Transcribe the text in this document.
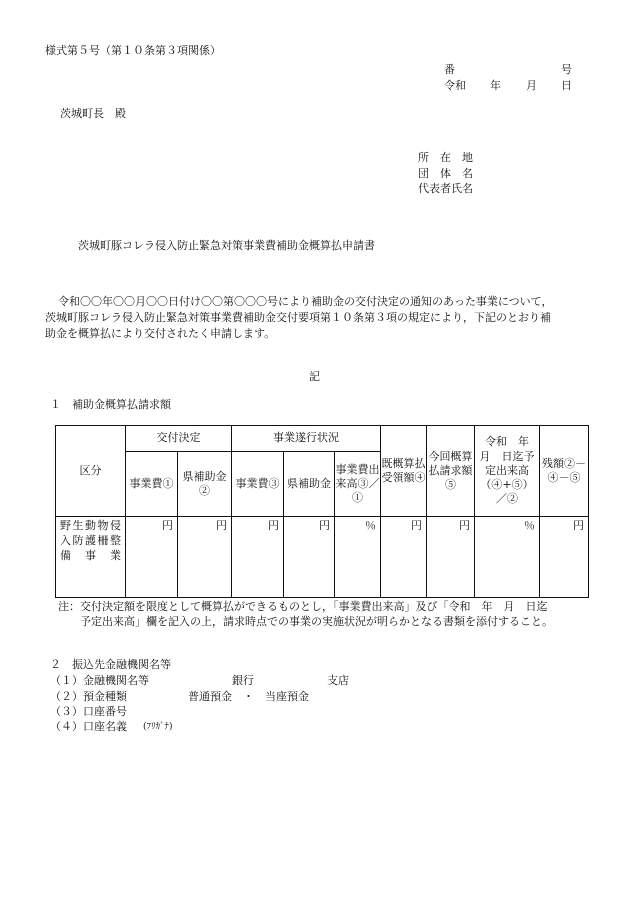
様式第５号（第１０条第３項関係）
番	号
令和 年 月 日
茨城町長　殿
所　在　地
団　体　名
代表者氏名
茨城町豚コレラ侵入防止緊急対策事業費補助金概算払申請書
令和〇〇年〇〇月〇〇日付け〇〇第〇〇〇号により補助金の交付決定の通知のあった事業について，
茨城町豚コレラ侵入防止緊急対策事業費補助金交付要項第１０条第３項の規定により，下記のとおり補
助金を概算払により交付されたく申請します。
記
１　補助金概算払請求額
区分	交付決定		事業遂行状況			既概算払受領額④	今回概算払請求額⑤	令和　年　月　日迄予定出来高（④+⑤）／②	残額②－④－⑤
	事業費①	県補助金②	事業費③	県補助金	事業費出来高③／①				
野生動物侵入防護柵整備事業	円	円	円	円	％	円	円	％	円
注：交付決定額を限度として概算払ができるものとし，「事業費出来高」及び「令和　年　月　日迄
予定出来高」欄を記入の上，請求時点での事業の実施状況が明らかとなる書類を添付すること。
２　振込先金融機関名等
（１）金融機関名等	銀行	支店
（２）預金種類	普通預金　・　当座預金
（３）口座番号
（４）口座名義 (ﾌﾘｶﾞﾅ)
